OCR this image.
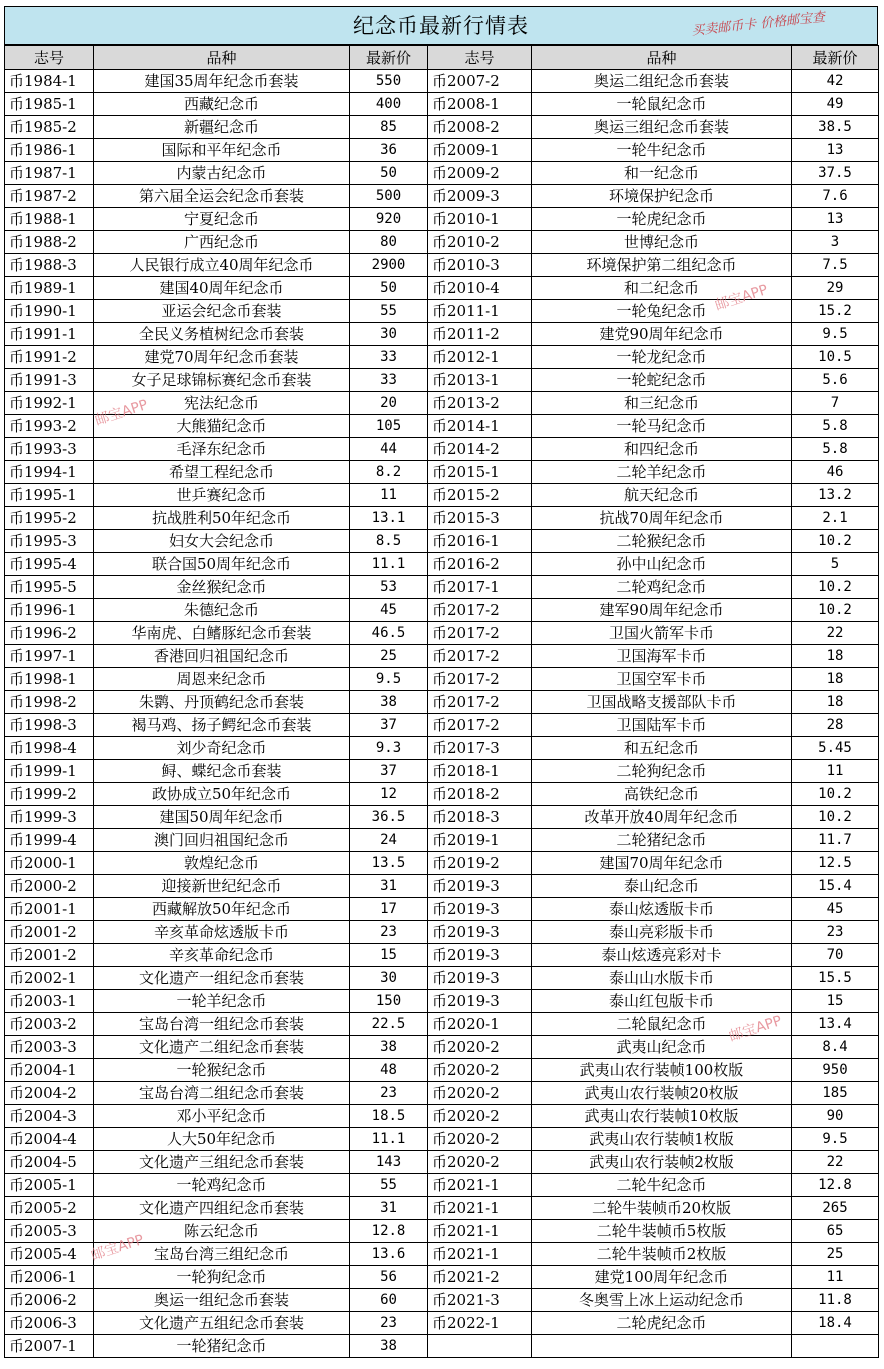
纪念币最新行情表	买卖邮币卡 价格邮宝查
志号	品种	最新价	志号	品种	最新价
币1984-1	建国35周年纪念币套装	550	币2007-2	奥运二组纪念币套装	42
币1985-1	西藏纪念币	400	币2008-1	一轮鼠纪念币	49
币1985-2	新疆纪念币	85	币2008-2	奥运三组纪念币套装	38.5
币1986-1	国际和平年纪念币	36	币2009-1	一轮牛纪念币	13
币1987-1	内蒙古纪念币	50	币2009-2	和一纪念币	37.5
币1987-2	第六届全运会纪念币套装	500	币2009-3	环境保护纪念币	7.6
币1988-1	宁夏纪念币	920	币2010-1	一轮虎纪念币	13
币1988-2	广西纪念币	80	币2010-2	世博纪念币	3
币1988-3	人民银行成立40周年纪念币	2900	币2010-3	环境保护第二组纪念币	7.5
币1989-1	建国40周年纪念币	50	币2010-4	和二纪念币	29
币1990-1	亚运会纪念币套装	55	币2011-1	一轮兔纪念币	15.2
币1991-1	全民义务植树纪念币套装	30	币2011-2	建党90周年纪念币	9.5
币1991-2	建党70周年纪念币套装	33	币2012-1	一轮龙纪念币	10.5
币1991-3	女子足球锦标赛纪念币套装	33	币2013-1	一轮蛇纪念币	5.6
币1992-1	宪法纪念币	20	币2013-2	和三纪念币	7
币1993-2	大熊猫纪念币	105	币2014-1	一轮马纪念币	5.8
币1993-3	毛泽东纪念币	44	币2014-2	和四纪念币	5.8
币1994-1	希望工程纪念币	8.2	币2015-1	二轮羊纪念币	46
币1995-1	世乒赛纪念币	11	币2015-2	航天纪念币	13.2
币1995-2	抗战胜利50年纪念币	13.1	币2015-3	抗战70周年纪念币	2.1
币1995-3	妇女大会纪念币	8.5	币2016-1	二轮猴纪念币	10.2
币1995-4	联合国50周年纪念币	11.1	币2016-2	孙中山纪念币	5
币1995-5	金丝猴纪念币	53	币2017-1	二轮鸡纪念币	10.2
币1996-1	朱德纪念币	45	币2017-2	建军90周年纪念币	10.2
币1996-2	华南虎、白鳍豚纪念币套装	46.5	币2017-2	卫国火箭军卡币	22
币1997-1	香港回归祖国纪念币	25	币2017-2	卫国海军卡币	18
币1998-1	周恩来纪念币	9.5	币2017-2	卫国空军卡币	18
币1998-2	朱鹮、丹顶鹤纪念币套装	38	币2017-2	卫国战略支援部队卡币	18
币1998-3	褐马鸡、扬子鳄纪念币套装	37	币2017-2	卫国陆军卡币	28
币1998-4	刘少奇纪念币	9.3	币2017-3	和五纪念币	5.45
币1999-1	鲟、蝶纪念币套装	37	币2018-1	二轮狗纪念币	11
币1999-2	政协成立50年纪念币	12	币2018-2	高铁纪念币	10.2
币1999-3	建国50周年纪念币	36.5	币2018-3	改革开放40周年纪念币	10.2
币1999-4	澳门回归祖国纪念币	24	币2019-1	二轮猪纪念币	11.7
币2000-1	敦煌纪念币	13.5	币2019-2	建国70周年纪念币	12.5
币2000-2	迎接新世纪纪念币	31	币2019-3	泰山纪念币	15.4
币2001-1	西藏解放50年纪念币	17	币2019-3	泰山炫透版卡币	45
币2001-2	辛亥革命炫透版卡币	23	币2019-3	泰山亮彩版卡币	23
币2001-2	辛亥革命纪念币	15	币2019-3	泰山炫透亮彩对卡	70
币2002-1	文化遗产一组纪念币套装	30	币2019-3	泰山山水版卡币	15.5
币2003-1	一轮羊纪念币	150	币2019-3	泰山红包版卡币	15
币2003-2	宝岛台湾一组纪念币套装	22.5	币2020-1	二轮鼠纪念币	13.4
币2003-3	文化遗产二组纪念币套装	38	币2020-2	武夷山纪念币	8.4
币2004-1	一轮猴纪念币	48	币2020-2	武夷山农行装帧100枚版	950
币2004-2	宝岛台湾二组纪念币套装	23	币2020-2	武夷山农行装帧20枚版	185
币2004-3	邓小平纪念币	18.5	币2020-2	武夷山农行装帧10枚版	90
币2004-4	人大50年纪念币	11.1	币2020-2	武夷山农行装帧1枚版	9.5
币2004-5	文化遗产三组纪念币套装	143	币2020-2	武夷山农行装帧2枚版	22
币2005-1	一轮鸡纪念币	55	币2021-1	二轮牛纪念币	12.8
币2005-2	文化遗产四组纪念币套装	31	币2021-1	二轮牛装帧币20枚版	265
币2005-3	陈云纪念币	12.8	币2021-1	二轮牛装帧币5枚版	65
币2005-4	宝岛台湾三组纪念币	13.6	币2021-1	二轮牛装帧币2枚版	25
币2006-1	一轮狗纪念币	56	币2021-2	建党100周年纪念币	11
币2006-2	奥运一组纪念币套装	60	币2021-3	冬奥雪上冰上运动纪念币	11.8
币2006-3	文化遗产五组纪念币套装	23	币2022-1	二轮虎纪念币	18.4
币2007-1	一轮猪纪念币	38			
邮宝APP
邮宝APP
邮宝APP
邮宝APP
